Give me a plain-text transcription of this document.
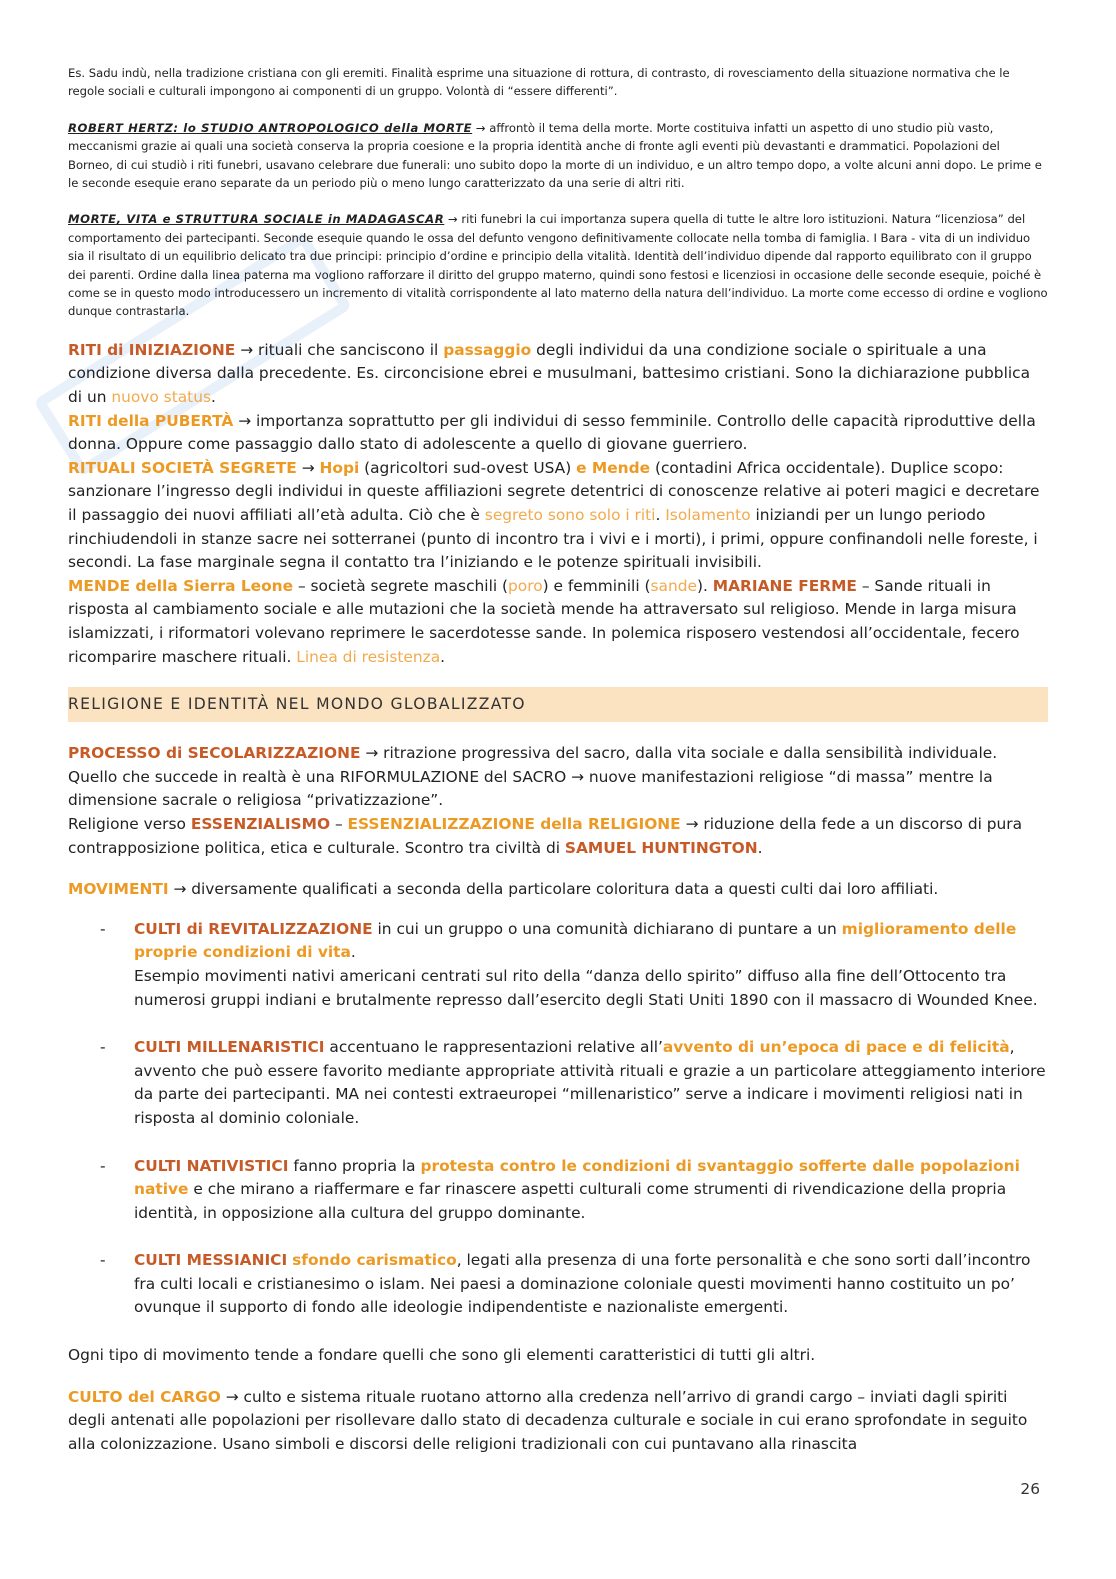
Es. Sadu indù, nella tradizione cristiana con gli eremiti. Finalità esprime una situazione di rottura, di contrasto, di rovesciamento della situazione normativa che le regole sociali e culturali impongono ai componenti di un gruppo. Volontà di “essere differenti”.

ROBERT HERTZ: lo STUDIO ANTROPOLOGICO della MORTE → affrontò il tema della morte. Morte costituiva infatti un aspetto di uno studio più vasto, meccanismi grazie ai quali una società conserva la propria coesione e la propria identità anche di fronte agli eventi più devastanti e drammatici. Popolazioni del Borneo, di cui studiò i riti funebri, usavano celebrare due funerali: uno subito dopo la morte di un individuo, e un altro tempo dopo, a volte alcuni anni dopo. Le prime e le seconde esequie erano separate da un periodo più o meno lungo caratterizzato da una serie di altri riti.

MORTE, VITA e STRUTTURA SOCIALE in MADAGASCAR → riti funebri la cui importanza supera quella di tutte le altre loro istituzioni. Natura “licenziosa” del comportamento dei partecipanti. Seconde esequie quando le ossa del defunto vengono definitivamente collocate nella tomba di famiglia. I Bara - vita di un individuo sia il risultato di un equilibrio delicato tra due principi: principio d’ordine e principio della vitalità. Identità dell’individuo dipende dal rapporto equilibrato con il gruppo dei parenti. Ordine dalla linea paterna ma vogliono rafforzare il diritto del gruppo materno, quindi sono festosi e licenziosi in occasione delle seconde esequie, poiché è come se in questo modo introducessero un incremento di vitalità corrispondente al lato materno della natura dell’individuo. La morte come eccesso di ordine e vogliono dunque contrastarla.

RITI di INIZIAZIONE → rituali che sanciscono il passaggio degli individui da una condizione sociale o spirituale a una condizione diversa dalla precedente. Es. circoncisione ebrei e musulmani, battesimo cristiani. Sono la dichiarazione pubblica di un nuovo status.
RITI della PUBERTÀ → importanza soprattutto per gli individui di sesso femminile. Controllo delle capacità riproduttive della donna. Oppure come passaggio dallo stato di adolescente a quello di giovane guerriero.
RITUALI SOCIETÀ SEGRETE → Hopi (agricoltori sud-ovest USA) e Mende (contadini Africa occidentale). Duplice scopo: sanzionare l’ingresso degli individui in queste affiliazioni segrete detentrici di conoscenze relative ai poteri magici e decretare il passaggio dei nuovi affiliati all’età adulta. Ciò che è segreto sono solo i riti. Isolamento iniziandi per un lungo periodo rinchiudendoli in stanze sacre nei sotterranei (punto di incontro tra i vivi e i morti), i primi, oppure confinandoli nelle foreste, i secondi. La fase marginale segna il contatto tra l’iniziando e le potenze spirituali invisibili.
MENDE della Sierra Leone – società segrete maschili (poro) e femminili (sande). MARIANE FERME – Sande rituali in risposta al cambiamento sociale e alle mutazioni che la società mende ha attraversato sul religioso. Mende in larga misura islamizzati, i riformatori volevano reprimere le sacerdotesse sande. In polemica risposero vestendosi all’occidentale, fecero ricomparire maschere rituali. Linea di resistenza.

RELIGIONE E IDENTITÀ NEL MONDO GLOBALIZZATO

PROCESSO di SECOLARIZZAZIONE → ritrazione progressiva del sacro, dalla vita sociale e dalla sensibilità individuale. Quello che succede in realtà è una RIFORMULAZIONE del SACRO → nuove manifestazioni religiose “di massa” mentre la dimensione sacrale o religiosa “privatizzazione”.
Religione verso ESSENZIALISMO – ESSENZIALIZZAZIONE della RELIGIONE → riduzione della fede a un discorso di pura contrapposizione politica, etica e culturale. Scontro tra civiltà di SAMUEL HUNTINGTON.

MOVIMENTI → diversamente qualificati a seconda della particolare coloritura data a questi culti dai loro affiliati.

-	CULTI di REVITALIZZAZIONE in cui un gruppo o una comunità dichiarano di puntare a un miglioramento delle proprie condizioni di vita.
Esempio movimenti nativi americani centrati sul rito della “danza dello spirito” diffuso alla fine dell’Ottocento tra numerosi gruppi indiani e brutalmente represso dall’esercito degli Stati Uniti 1890 con il massacro di Wounded Knee.
-	CULTI MILLENARISTICI accentuano le rappresentazioni relative all’avvento di un’epoca di pace e di felicità, avvento che può essere favorito mediante appropriate attività rituali e grazie a un particolare atteggiamento interiore da parte dei partecipanti. MA nei contesti extraeuropei “millenaristico” serve a indicare i movimenti religiosi nati in risposta al dominio coloniale.
-	CULTI NATIVISTICI fanno propria la protesta contro le condizioni di svantaggio sofferte dalle popolazioni native e che mirano a riaffermare e far rinascere aspetti culturali come strumenti di rivendicazione della propria identità, in opposizione alla cultura del gruppo dominante.
-	CULTI MESSIANICI sfondo carismatico, legati alla presenza di una forte personalità e che sono sorti dall’incontro fra culti locali e cristianesimo o islam. Nei paesi a dominazione coloniale questi movimenti hanno costituito un po’ ovunque il supporto di fondo alle ideologie indipendentiste e nazionaliste emergenti.

Ogni tipo di movimento tende a fondare quelli che sono gli elementi caratteristici di tutti gli altri.

CULTO del CARGO → culto e sistema rituale ruotano attorno alla credenza nell’arrivo di grandi cargo – inviati dagli spiriti degli antenati alle popolazioni per risollevare dallo stato di decadenza culturale e sociale in cui erano sprofondate in seguito alla colonizzazione. Usano simboli e discorsi delle religioni tradizionali con cui puntavano alla rinascita

26
